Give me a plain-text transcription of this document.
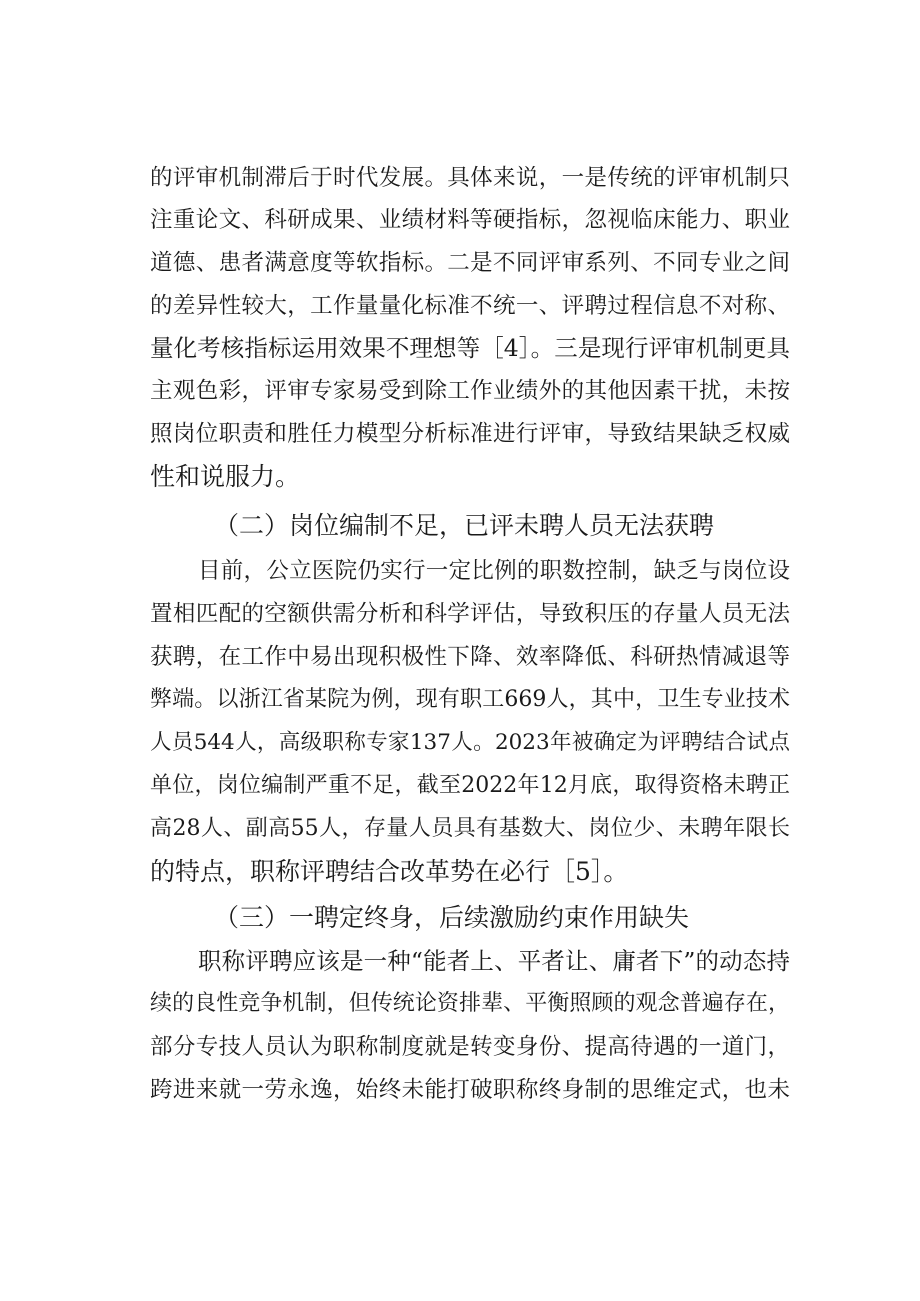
的评审机制滞后于时代发展。具体来说，一是传统的评审机制只
注重论文、科研成果、业绩材料等硬指标，忽视临床能力、职业
道德、患者满意度等软指标。二是不同评审系列、不同专业之间
的差异性较大，工作量量化标准不统一、评聘过程信息不对称、
量化考核指标运用效果不理想等［4］。三是现行评审机制更具
主观色彩，评审专家易受到除工作业绩外的其他因素干扰，未按
照岗位职责和胜任力模型分析标准进行评审，导致结果缺乏权威
性和说服力。
（二）岗位编制不足，已评未聘人员无法获聘
目前，公立医院仍实行一定比例的职数控制，缺乏与岗位设
置相匹配的空额供需分析和科学评估，导致积压的存量人员无法
获聘，在工作中易出现积极性下降、效率降低、科研热情减退等
弊端。以浙江省某院为例，现有职工669人，其中，卫生专业技术
人员544人，高级职称专家137人。2023年被确定为评聘结合试点
单位，岗位编制严重不足，截至2022年12月底，取得资格未聘正
高28人、副高55人，存量人员具有基数大、岗位少、未聘年限长
的特点，职称评聘结合改革势在必行［5］。
（三）一聘定终身，后续激励约束作用缺失
职称评聘应该是一种“能者上、平者让、庸者下”的动态持
续的良性竞争机制，但传统论资排辈、平衡照顾的观念普遍存在，
部分专技人员认为职称制度就是转变身份、提高待遇的一道门，
跨进来就一劳永逸，始终未能打破职称终身制的思维定式，也未
